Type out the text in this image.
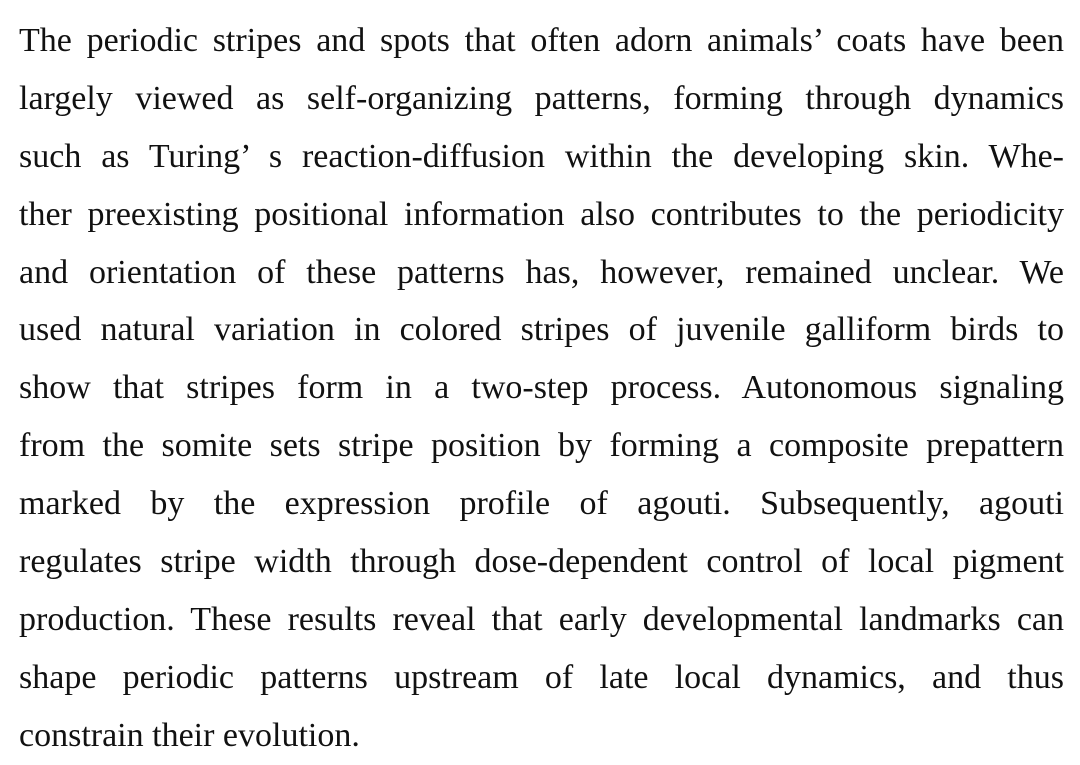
The periodic stripes and spots that often adorn animals’ coats have been
largely viewed as self-organizing patterns, forming through dynamics
such as Turing’ s reaction-diffusion within the developing skin. Whe-
ther preexisting positional information also contributes to the periodicity
and orientation of these patterns has, however, remained unclear. We
used natural variation in colored stripes of juvenile galliform birds to
show that stripes form in a two-step process. Autonomous signaling
from the somite sets stripe position by forming a composite prepattern
marked by the expression profile of agouti. Subsequently, agouti
regulates stripe width through dose-dependent control of local pigment
production. These results reveal that early developmental landmarks can
shape periodic patterns upstream of late local dynamics, and thus
constrain their evolution.
